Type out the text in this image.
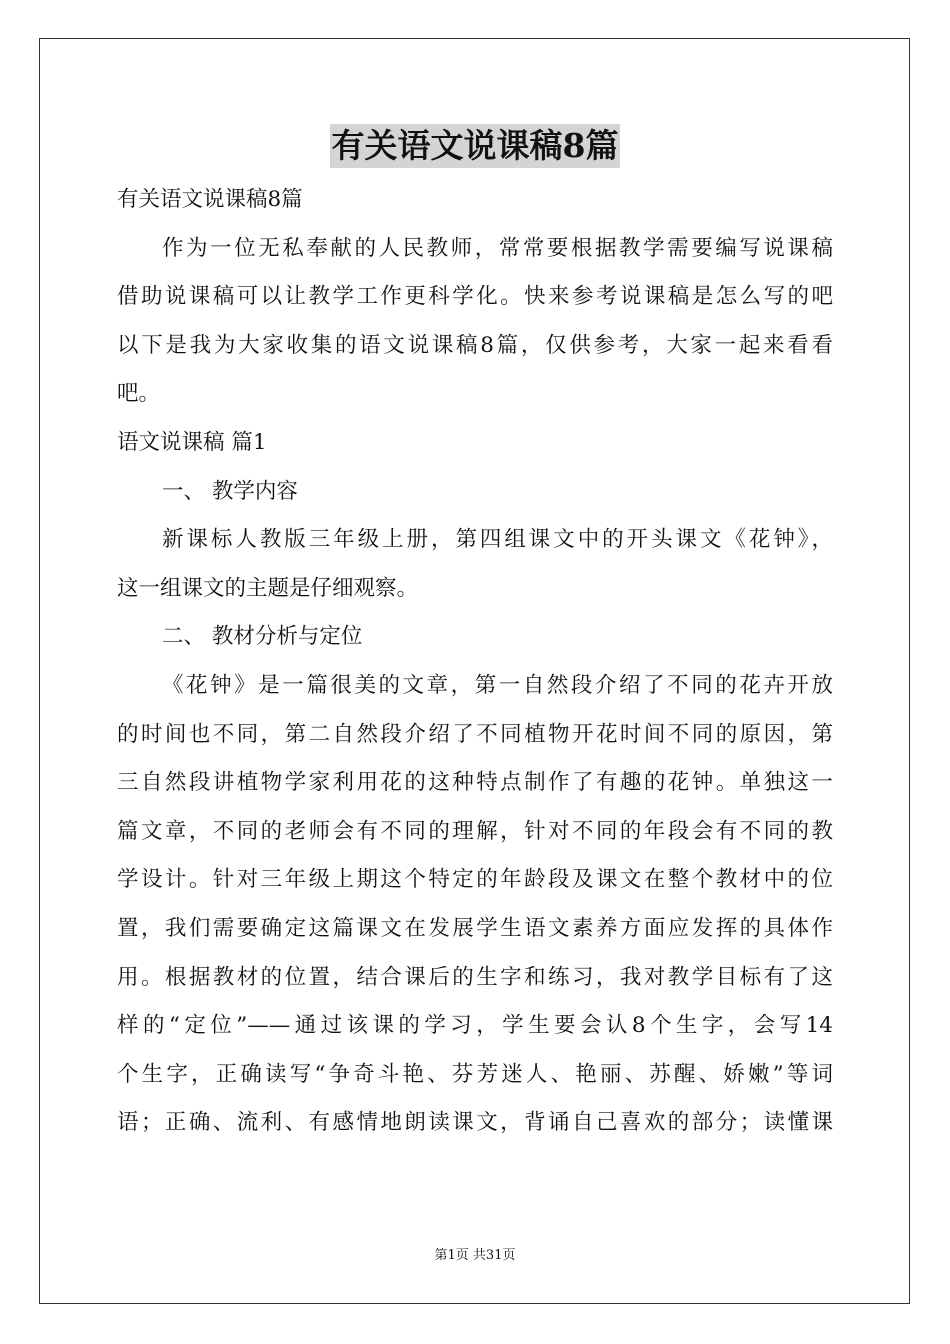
有关语文说课稿8篇
有关语文说课稿8篇
作为一位无私奉献的人民教师，常常要根据教学需要编写说课稿
借助说课稿可以让教学工作更科学化。快来参考说课稿是怎么写的吧
以下是我为大家收集的语文说课稿8篇，仅供参考，大家一起来看看
吧。
语文说课稿 篇1
一、 教学内容
新课标人教版三年级上册，第四组课文中的开头课文《花钟》，
这一组课文的主题是仔细观察。
二、 教材分析与定位
《花钟》是一篇很美的文章，第一自然段介绍了不同的花卉开放
的时间也不同，第二自然段介绍了不同植物开花时间不同的原因，第
三自然段讲植物学家利用花的这种特点制作了有趣的花钟。单独这一
篇文章，不同的老师会有不同的理解，针对不同的年段会有不同的教
学设计。针对三年级上期这个特定的年龄段及课文在整个教材中的位
置，我们需要确定这篇课文在发展学生语文素养方面应发挥的具体作
用。根据教材的位置，结合课后的生字和练习，我对教学目标有了这
样的“定位”——通过该课的学习，学生要会认8个生字，会写14
个生字，正确读写“争奇斗艳、芬芳迷人、艳丽、苏醒、娇嫩”等词
语；正确、流利、有感情地朗读课文，背诵自己喜欢的部分；读懂课
第1页 共31页
